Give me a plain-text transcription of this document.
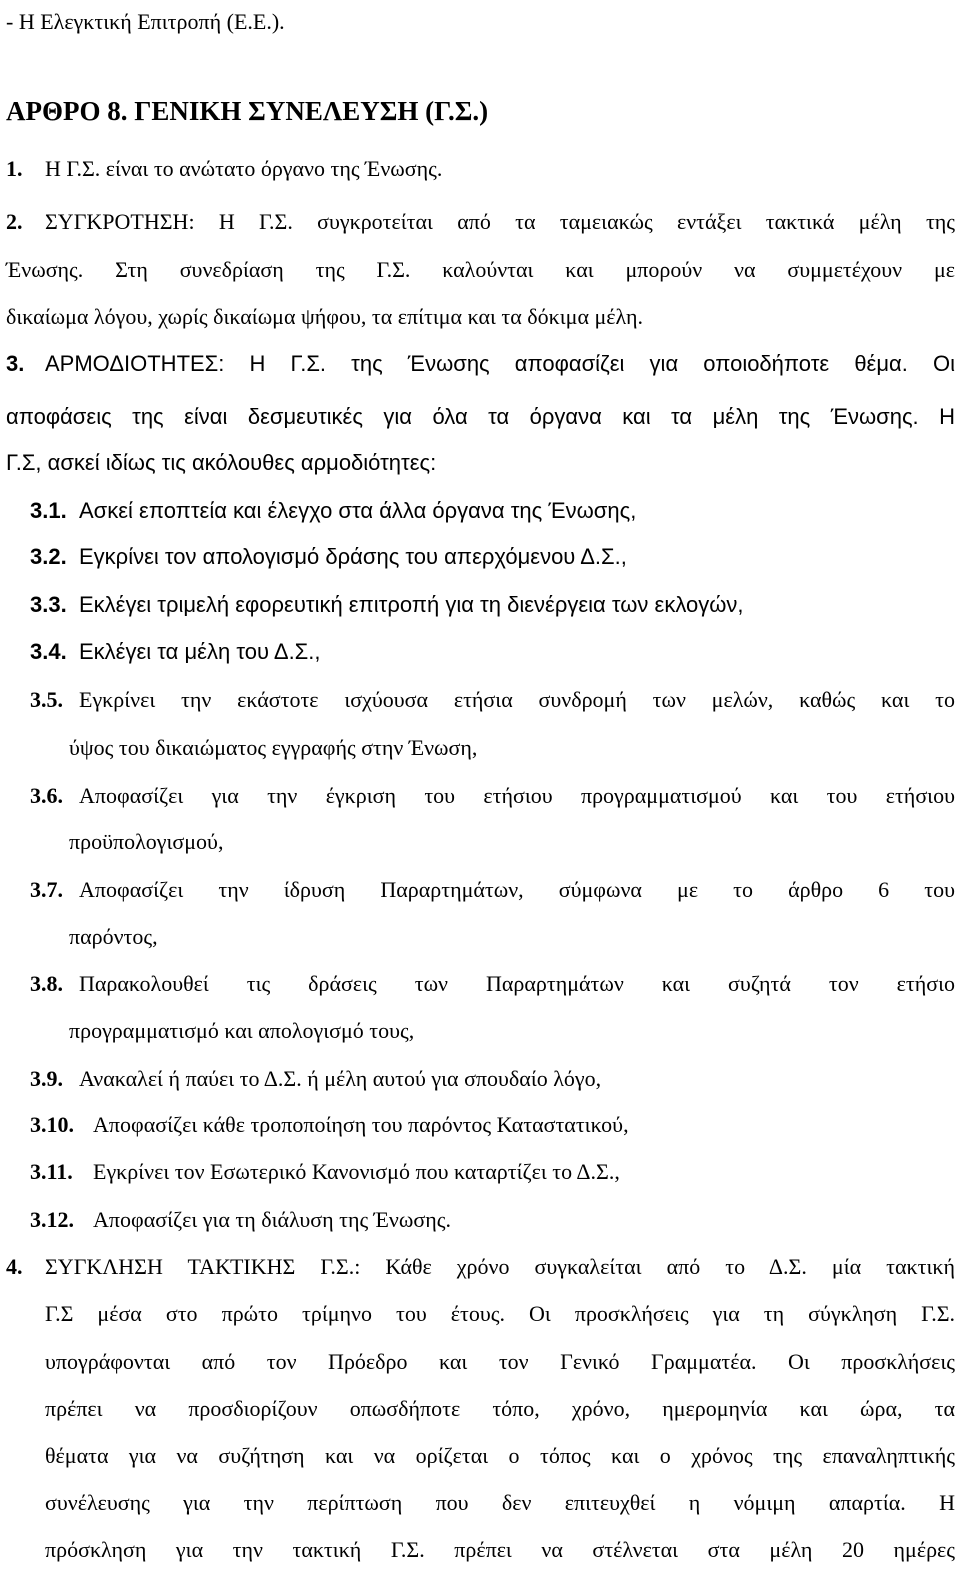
- Η Ελεγκτική Επιτροπή (Ε.Ε.).
ΑΡΘΡΟ 8. ΓΕΝΙΚΗ ΣΥΝΕΛΕΥΣΗ (Γ.Σ.)
1. Η Γ.Σ. είναι το ανώτατο όργανο της Ένωσης.
2. ΣΥΓΚΡΟΤΗΣΗ: Η Γ.Σ. συγκροτείται από τα ταμειακώς εντάξει τακτικά μέλη της
Ένωσης. Στη συνεδρίαση της Γ.Σ. καλούνται και μπορούν να συμμετέχουν με
δικαίωμα λόγου, χωρίς δικαίωμα ψήφου, τα επίτιμα και τα δόκιμα μέλη.
3. ΑΡΜΟΔΙΟΤΗΤΕΣ: Η Γ.Σ. της Ένωσης αποφασίζει για οποιοδήποτε θέμα. Οι
αποφάσεις της είναι δεσμευτικές για όλα τα όργανα και τα μέλη της Ένωσης. Η
Γ.Σ, ασκεί ιδίως τις ακόλουθες αρμοδιότητες:
3.1. Ασκεί εποπτεία και έλεγχο στα άλλα όργανα της Ένωσης,
3.2. Εγκρίνει τον απολογισμό δράσης του απερχόμενου Δ.Σ.,
3.3. Εκλέγει τριμελή εφορευτική επιτροπή για τη διενέργεια των εκλογών,
3.4. Εκλέγει τα μέλη του Δ.Σ.,
3.5. Εγκρίνει την εκάστοτε ισχύουσα ετήσια συνδρομή των μελών, καθώς και το
ύψος του δικαιώματος εγγραφής στην Ένωση,
3.6. Αποφασίζει για την έγκριση του ετήσιου προγραμματισμού και του ετήσιου
προϋπολογισμού,
3.7. Αποφασίζει την ίδρυση Παραρτημάτων, σύμφωνα με το άρθρο 6 του
παρόντος,
3.8. Παρακολουθεί τις δράσεις των Παραρτημάτων και συζητά τον ετήσιο
προγραμματισμό και απολογισμό τους,
3.9. Ανακαλεί ή παύει το Δ.Σ. ή μέλη αυτού για σπουδαίο λόγο,
3.10. Αποφασίζει κάθε τροποποίηση του παρόντος Καταστατικού,
3.11. Εγκρίνει τον Εσωτερικό Κανονισμό που καταρτίζει το Δ.Σ.,
3.12. Αποφασίζει για τη διάλυση της Ένωσης.
4. ΣΥΓΚΛΗΣΗ ΤΑΚΤΙΚΗΣ Γ.Σ.: Κάθε χρόνο συγκαλείται από το Δ.Σ. μία τακτική
Γ.Σ μέσα στο πρώτο τρίμηνο του έτους. Οι προσκλήσεις για τη σύγκληση Γ.Σ.
υπογράφονται από τον Πρόεδρο και τον Γενικό Γραμματέα. Οι προσκλήσεις
πρέπει να προσδιορίζουν οπωσδήποτε τόπο, χρόνο, ημερομηνία και ώρα, τα
θέματα για να συζήτηση και να ορίζεται ο τόπος και ο χρόνος της επαναληπτικής
συνέλευσης για την περίπτωση που δεν επιτευχθεί η νόμιμη απαρτία. Η
πρόσκληση για την τακτική Γ.Σ. πρέπει να στέλνεται στα μέλη 20 ημέρες
